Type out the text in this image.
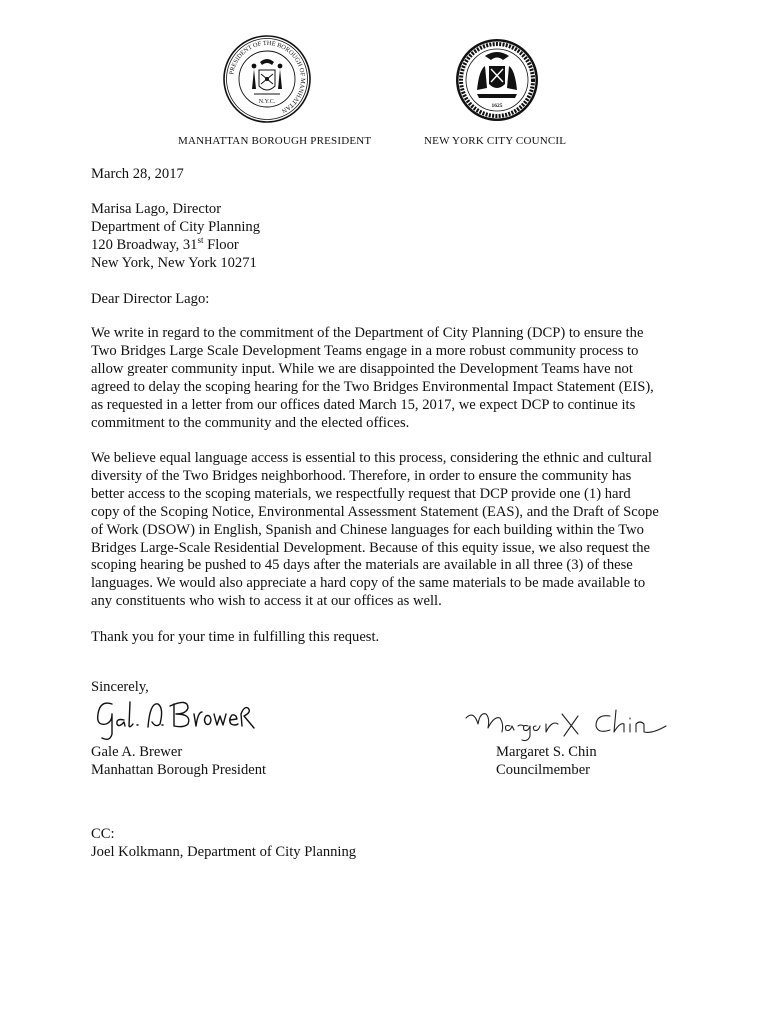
PRESIDENT OF THE BOROUGH OF MANHATTAN
N.Y.C.
1625
MANHATTAN BOROUGH PRESIDENT	NEW YORK CITY COUNCIL
March 28, 2017
Marisa Lago, Director
Department of City Planning
120 Broadway, 31st Floor
New York, New York 10271
Dear Director Lago:
We write in regard to the commitment of the Department of City Planning (DCP) to ensure the
Two Bridges Large Scale Development Teams engage in a more robust community process to
allow greater community input. While we are disappointed the Development Teams have not
agreed to delay the scoping hearing for the Two Bridges Environmental Impact Statement (EIS),
as requested in a letter from our offices dated March 15, 2017, we expect DCP to continue its
commitment to the community and the elected offices.
We believe equal language access is essential to this process, considering the ethnic and cultural
diversity of the Two Bridges neighborhood. Therefore, in order to ensure the community has
better access to the scoping materials, we respectfully request that DCP provide one (1) hard
copy of the Scoping Notice, Environmental Assessment Statement (EAS), and the Draft of Scope
of Work (DSOW) in English, Spanish and Chinese languages for each building within the Two
Bridges Large-Scale Residential Development. Because of this equity issue, we also request the
scoping hearing be pushed to 45 days after the materials are available in all three (3) of these
languages. We would also appreciate a hard copy of the same materials to be made available to
any constituents who wish to access it at our offices as well.
Thank you for your time in fulfilling this request.
Sincerely,
Gale A. Brewer
Manhattan Borough President
Margaret S. Chin
Councilmember
CC:
Joel Kolkmann, Department of City Planning
